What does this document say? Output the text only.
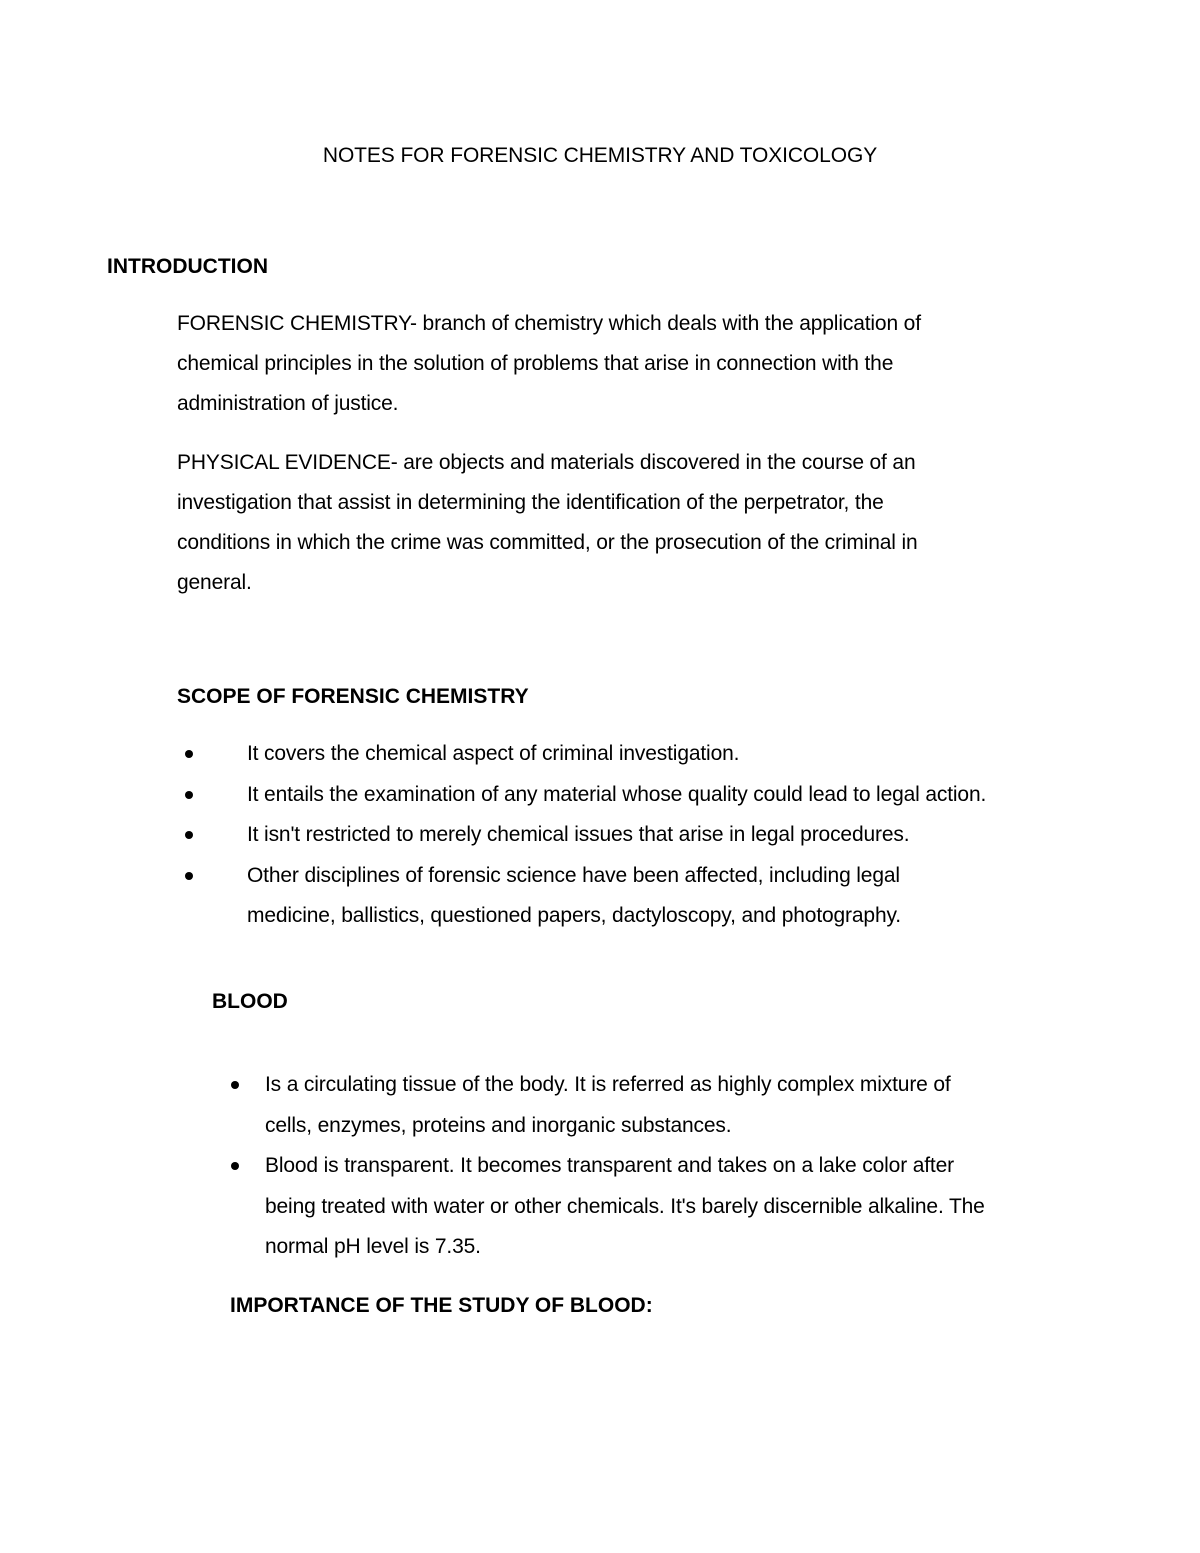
NOTES FOR FORENSIC CHEMISTRY AND TOXICOLOGY

INTRODUCTION

FORENSIC CHEMISTRY- branch of chemistry which deals with the application of
chemical principles in the solution of problems that arise in connection with the
administration of justice.
PHYSICAL EVIDENCE- are objects and materials discovered in the course of an
investigation that assist in determining the identification of the perpetrator, the
conditions in which the crime was committed, or the prosecution of the criminal in
general.

SCOPE OF FORENSIC CHEMISTRY

It covers the chemical aspect of criminal investigation.
It entails the examination of any material whose quality could lead to legal action.
It isn't restricted to merely chemical issues that arise in legal procedures.
Other disciplines of forensic science have been affected, including legal
medicine, ballistics, questioned papers, dactyloscopy, and photography.

BLOOD

Is a circulating tissue of the body. It is referred as highly complex mixture of
cells, enzymes, proteins and inorganic substances.
Blood is transparent. It becomes transparent and takes on a lake color after
being treated with water or other chemicals. It's barely discernible alkaline. The
normal pH level is 7.35.

IMPORTANCE OF THE STUDY OF BLOOD:
